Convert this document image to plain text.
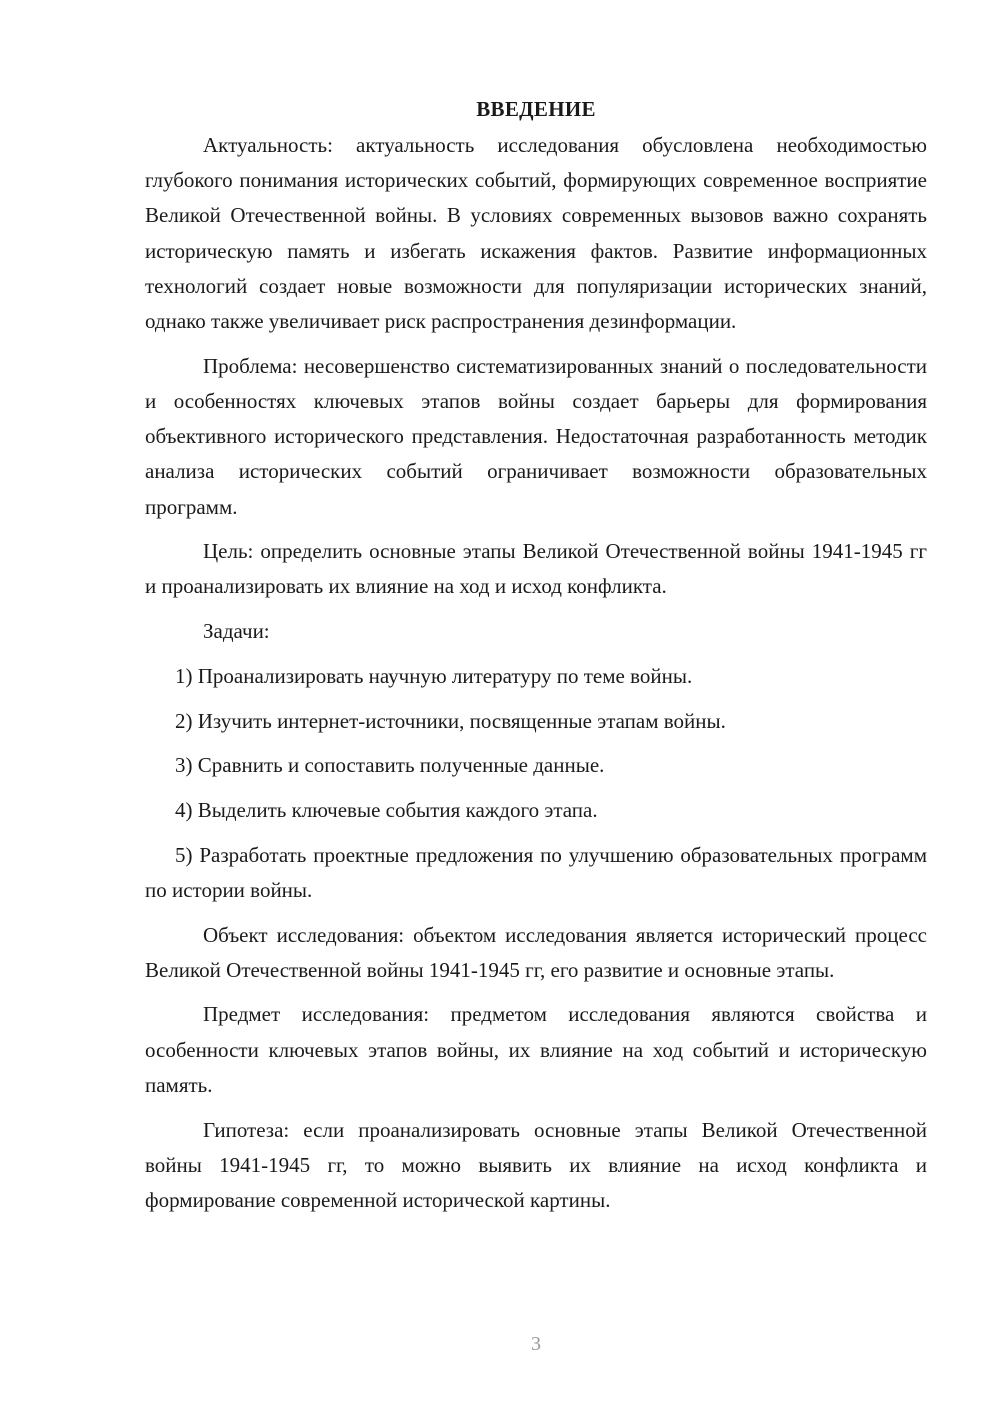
ВВЕДЕНИЕ

Актуальность: актуальность исследования обусловлена необходимостью глубокого понимания исторических событий, формирующих современное восприятие Великой Отечественной войны. В условиях современных вызовов важно сохранять историческую память и избегать искажения фактов. Развитие информационных технологий создает новые возможности для популяризации исторических знаний, однако также увеличивает риск распространения дезинформации.

Проблема: несовершенство систематизированных знаний о последовательности и особенностях ключевых этапов войны создает барьеры для формирования объективного исторического представления. Недостаточная разработанность методик анализа исторических событий ограничивает возможности образовательных программ.

Цель: определить основные этапы Великой Отечественной войны 1941-1945 гг и проанализировать их влияние на ход и исход конфликта.

Задачи:

1) Проанализировать научную литературу по теме войны.

2) Изучить интернет-источники, посвященные этапам войны.

3) Сравнить и сопоставить полученные данные.

4) Выделить ключевые события каждого этапа.

5) Разработать проектные предложения по улучшению образовательных программ по истории войны.

Объект исследования: объектом исследования является исторический процесс Великой Отечественной войны 1941-1945 гг, его развитие и основные этапы.

Предмет исследования: предметом исследования являются свойства и особенности ключевых этапов войны, их влияние на ход событий и историческую память.

Гипотеза: если проанализировать основные этапы Великой Отечественной войны 1941-1945 гг, то можно выявить их влияние на исход конфликта и формирование современной исторической картины.

3
